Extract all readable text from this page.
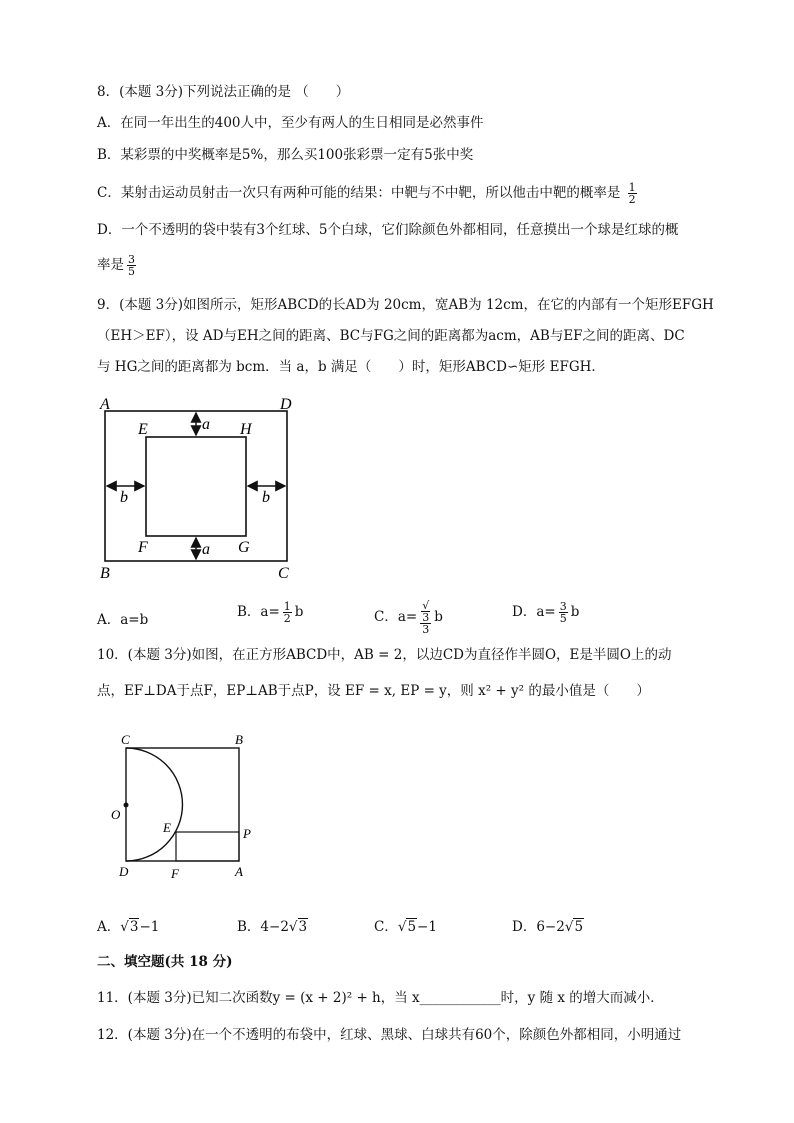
8．(本题 3分)下列说法正确的是 （　　）
A．在同一年出生的400人中，至少有两人的生日相同是必然事件
B．某彩票的中奖概率是5%，那么买100张彩票一定有5张中奖
C．某射击运动员射击一次只有两种可能的结果：中靶与不中靶，所以他击中靶的概率是 $\frac{1}{2}$
D．一个不透明的袋中装有3个红球、5个白球，它们除颜色外都相同，任意摸出一个球是红球的概
率是 $\frac{3}{5}$
9．(本题 3分)如图所示，矩形ABCD的长AD为 20cm，宽AB为 12cm，在它的内部有一个矩形EFGH
（EH＞EF），设 AD与EH之间的距离、BC与FG之间的距离都为acm，AB与EF之间的距离、DC
与 HG之间的距离都为 bcm．当 a，b 满足（　　）时，矩形ABCD∽矩形 EFGH．
A	D
B	C
E	H
F	G
a
a
b	b
A．a=b	B．$a= \frac{1}{2}$ b	C．a= √
3
3 b	D．$a= \frac{3}{5}$ b
10．(本题 3分)如图，在正方形ABCD中，AB = 2，以边CD为直径作半圆O，E是半圆O上的动
点，EF⊥DA于点F，EP⊥AB于点P，设 EF = x, EP = y，则 x² + y² 的最小值是（　　）
C	B
O
E	P
D	F	A
A．√3−1	B．4−2√3	C．√5−1	D．6−2√5
二、填空题(共 18 分)
11．(本题 3分)已知二次函数y = (x + 2)² + h，当 x____________时，y 随 x 的增大而减小．
12．(本题 3分)在一个不透明的布袋中，红球、黑球、白球共有60个，除颜色外都相同，小明通过
